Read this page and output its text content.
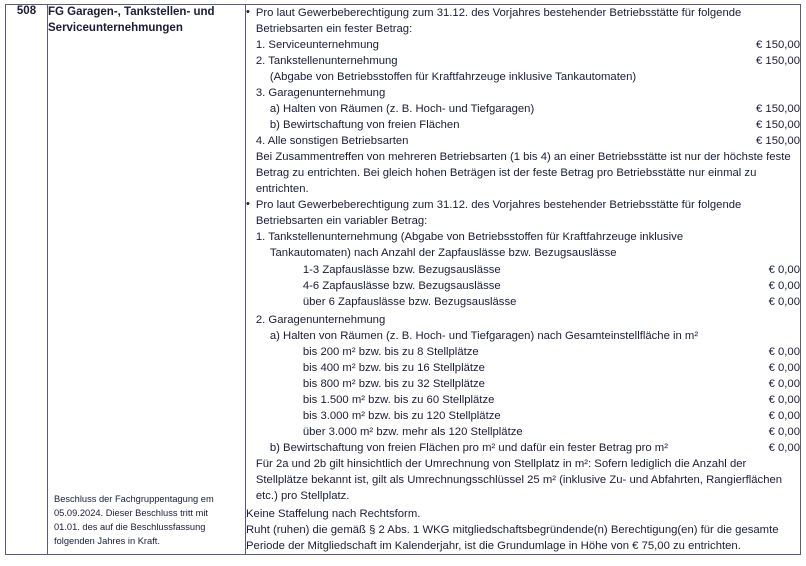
508	FG Garagen-, Tankstellen- und Serviceunternehmungen
Beschluss der Fachgruppentagung em 05.09.2024. Dieser Beschluss tritt mit 01.01. des auf die Beschlussfassung folgenden Jahres in Kraft.

• Pro laut Gewerbeberechtigung zum 31.12. des Vorjahres bestehender Betriebsstätte für folgende Betriebsarten ein fester Betrag:
1. Serviceunternehmung	€ 150,00
2. Tankstellenunternehmung	€ 150,00
(Abgabe von Betriebsstoffen für Kraftfahrzeuge inklusive Tankautomaten)
3. Garagenunternehmung
a) Halten von Räumen (z. B. Hoch- und Tiefgaragen)	€ 150,00
b) Bewirtschaftung von freien Flächen	€ 150,00
4. Alle sonstigen Betriebsarten	€ 150,00
Bei Zusammentreffen von mehreren Betriebsarten (1 bis 4) an einer Betriebsstätte ist nur der höchste feste Betrag zu entrichten. Bei gleich hohen Beträgen ist der feste Betrag pro Betriebsstätte nur einmal zu entrichten.
• Pro laut Gewerbeberechtigung zum 31.12. des Vorjahres bestehender Betriebsstätte für folgende Betriebsarten ein variabler Betrag:
1. Tankstellenunternehmung (Abgabe von Betriebsstoffen für Kraftfahrzeuge inklusive
Tankautomaten) nach Anzahl der Zapfauslässe bzw. Bezugsauslässe
1-3 Zapfauslässe bzw. Bezugsauslässe	€ 0,00
4-6 Zapfauslässe bzw. Bezugsauslässe	€ 0,00
über 6 Zapfauslässe bzw. Bezugsauslässe	€ 0,00
2. Garagenunternehmung
a) Halten von Räumen (z. B. Hoch- und Tiefgaragen) nach Gesamteinstellfläche in m²
bis 200 m² bzw. bis zu 8 Stellplätze	€ 0,00
bis 400 m² bzw. bis zu 16 Stellplätze	€ 0,00
bis 800 m² bzw. bis zu 32 Stellplätze	€ 0,00
bis 1.500 m² bzw. bis zu 60 Stellplätze	€ 0,00
bis 3.000 m² bzw. bis zu 120 Stellplätze	€ 0,00
über 3.000 m² bzw. mehr als 120 Stellplätze	€ 0,00
b) Bewirtschaftung von freien Flächen pro m² und dafür ein fester Betrag pro m²	€ 0,00
Für 2a und 2b gilt hinsichtlich der Umrechnung von Stellplatz in m²: Sofern lediglich die Anzahl der Stellplätze bekannt ist, gilt als Umrechnungsschlüssel 25 m² (inklusive Zu- und Abfahrten, Rangierflächen etc.) pro Stellplatz.
Keine Staffelung nach Rechtsform.
Ruht (ruhen) die gemäß § 2 Abs. 1 WKG mitgliedschaftsbegründende(n) Berechtigung(en) für die gesamte Periode der Mitgliedschaft im Kalenderjahr, ist die Grundumlage in Höhe von € 75,00 zu entrichten.
